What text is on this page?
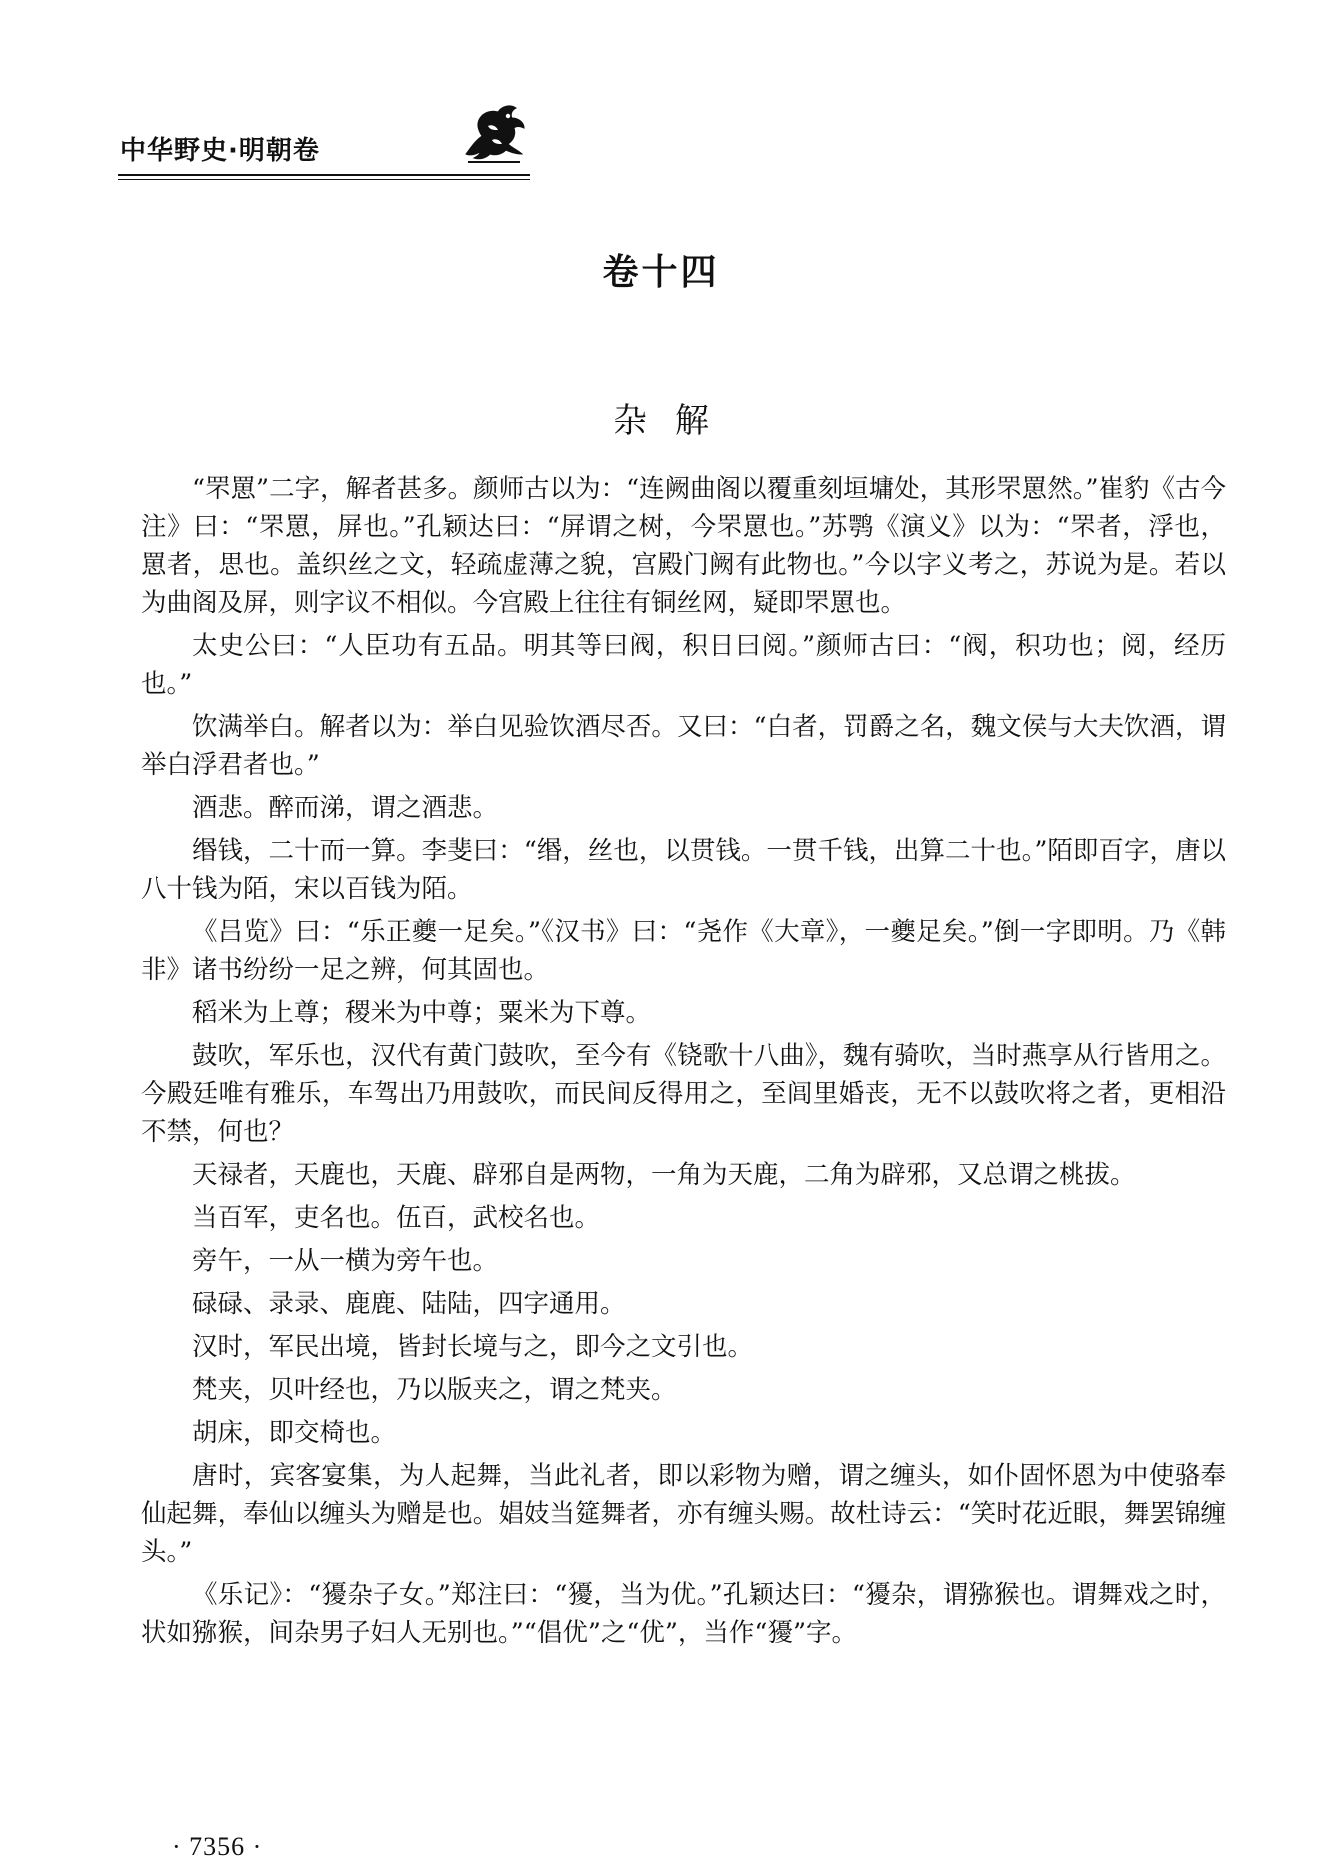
中华野史·明朝卷
卷十四
杂解

“罘罳”二字，解者甚多。颜师古以为：“连阙曲阁以覆重刻垣墉处，其形罘罳然。”崔豹《古今注》曰：“罘罳，屏也。”孔颖达曰：“屏谓之树，今罘罳也。”苏鹗《演义》以为：“罘者，浮也，罳者，思也。盖织丝之文，轻疏虚薄之貌，宫殿门阙有此物也。”今以字义考之，苏说为是。若以为曲阁及屏，则字议不相似。今宫殿上往往有铜丝网，疑即罘罳也。

太史公曰：“人臣功有五品。明其等曰阀，积日曰阅。”颜师古曰：“阀，积功也；阅，经历也。”

饮满举白。解者以为：举白见验饮酒尽否。又曰：“白者，罚爵之名，魏文侯与大夫饮酒，谓举白浮君者也。”

酒悲。醉而涕，谓之酒悲。

缗钱，二十而一算。李斐曰：“缗，丝也，以贯钱。一贯千钱，出算二十也。”陌即百字，唐以八十钱为陌，宋以百钱为陌。

《吕览》曰：“乐正夔一足矣。”《汉书》曰：“尧作《大章》，一夔足矣。”倒一字即明。乃《韩非》诸书纷纷一足之辨，何其固也。

稻米为上尊；稷米为中尊；粟米为下尊。

鼓吹，军乐也，汉代有黄门鼓吹，至今有《铙歌十八曲》，魏有骑吹，当时燕享从行皆用之。今殿廷唯有雅乐，车驾出乃用鼓吹，而民间反得用之，至闾里婚丧，无不以鼓吹将之者，更相沿不禁，何也？

天禄者，天鹿也，天鹿、辟邪自是两物，一角为天鹿，二角为辟邪，又总谓之桃拔。

当百军，吏名也。伍百，武校名也。

旁午，一从一横为旁午也。

碌碌、录录、鹿鹿、陆陆，四字通用。

汉时，军民出境，皆封长境与之，即今之文引也。

梵夹，贝叶经也，乃以版夹之，谓之梵夹。

胡床，即交椅也。

唐时，宾客宴集，为人起舞，当此礼者，即以彩物为赠，谓之缠头，如仆固怀恩为中使骆奉仙起舞，奉仙以缠头为赠是也。娼妓当筵舞者，亦有缠头赐。故杜诗云：“笑时花近眼，舞罢锦缠头。”

《乐记》：“獶杂子女。”郑注曰：“獶，当为优。”孔颖达曰：“獶杂，谓猕猴也。谓舞戏之时，状如猕猴，间杂男子妇人无别也。”“倡优”之“优”，当作“獶”字。

· 7356 ·
